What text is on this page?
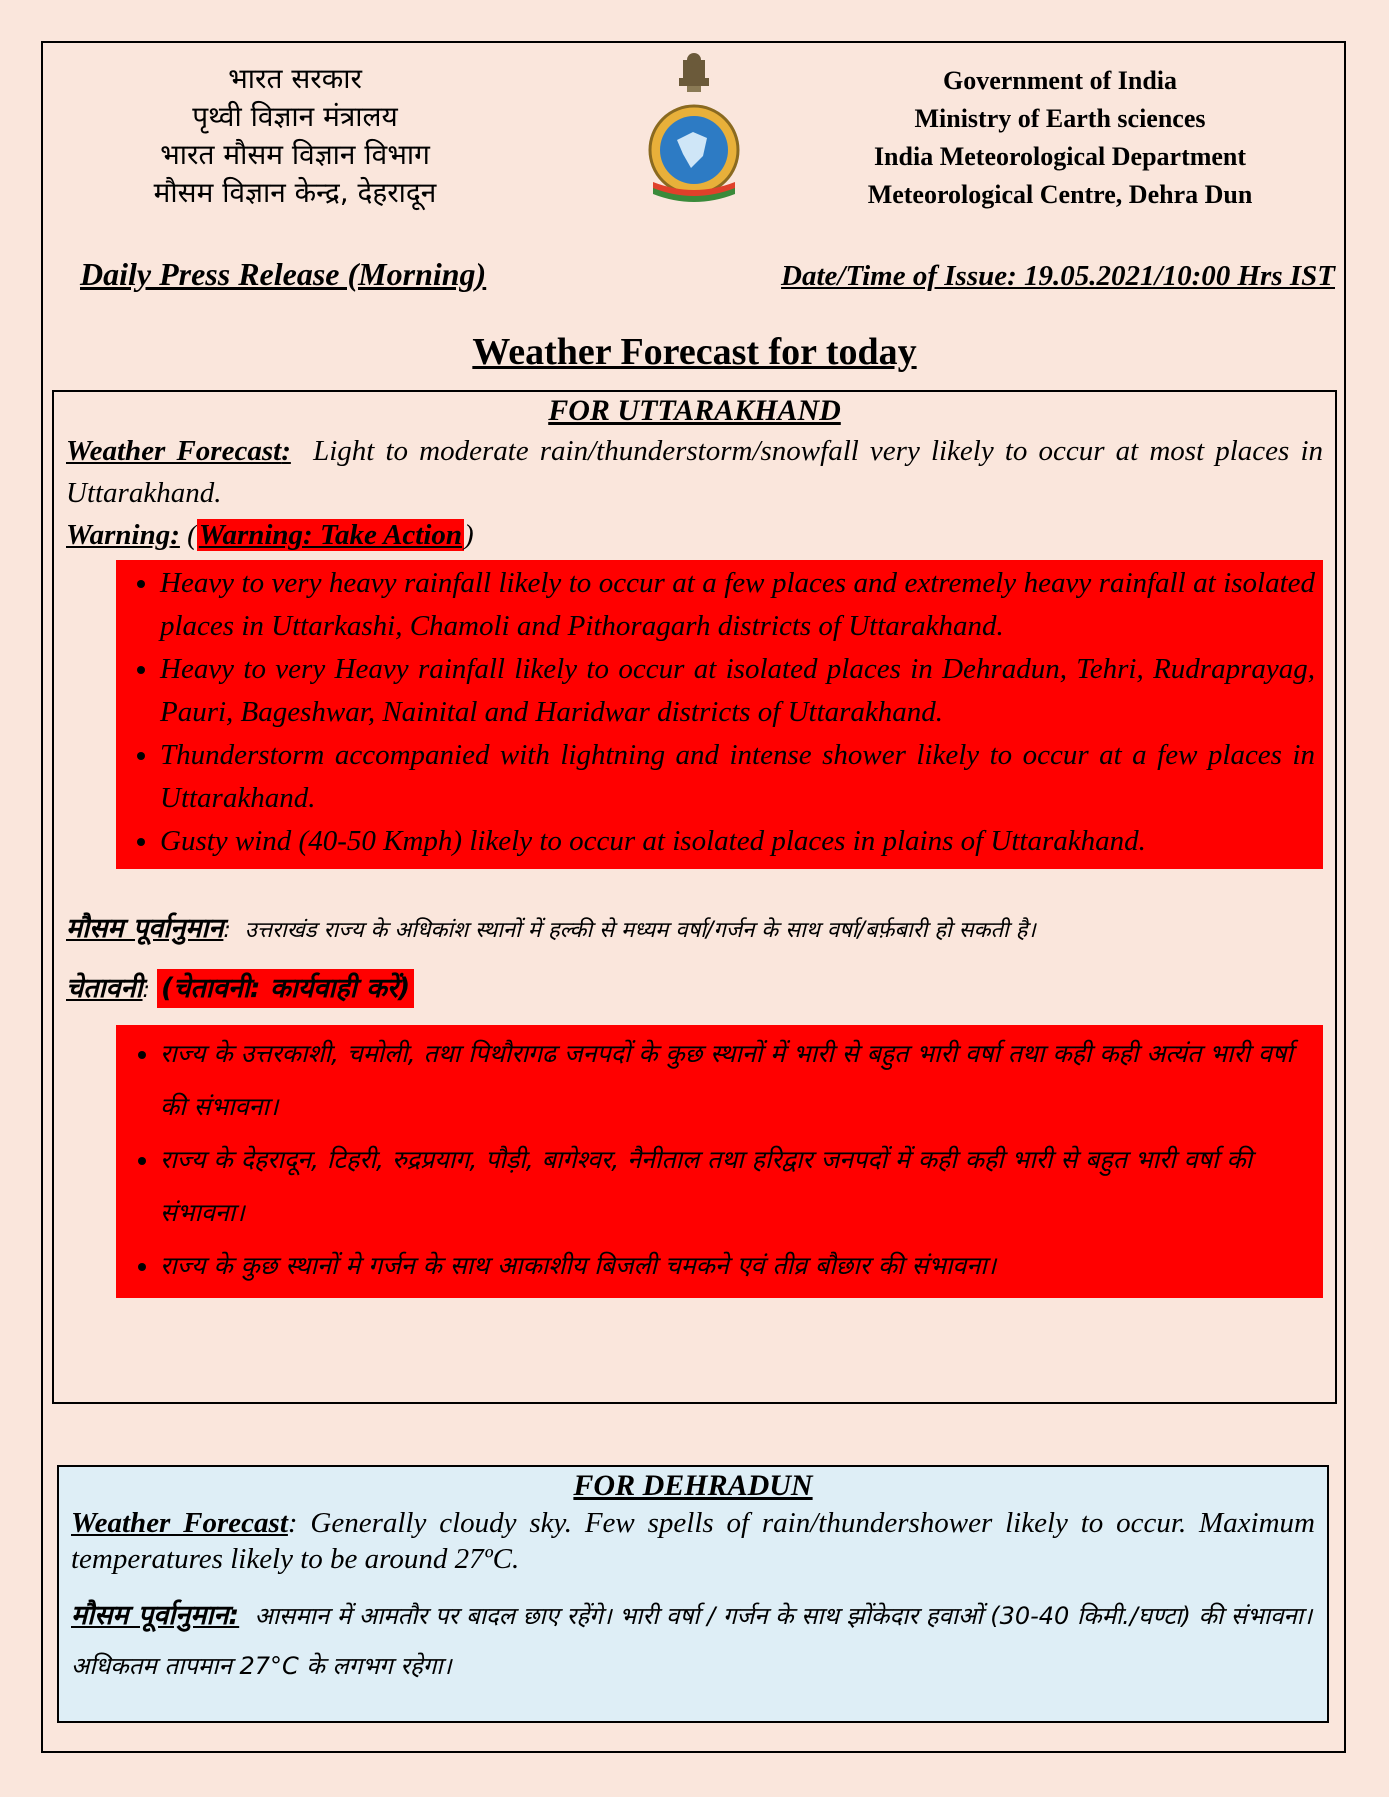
भारत सरकार
पृथ्वी विज्ञान मंत्रालय
भारत मौसम विज्ञान विभाग
मौसम विज्ञान केन्द्र, देहरादून
Government of India
Ministry of Earth sciences
India Meteorological Department
Meteorological Centre, Dehra Dun
Daily Press Release (Morning)	Date/Time of Issue: 19.05.2021/10:00 Hrs IST
Weather Forecast for today
FOR UTTARAKHAND

Weather Forecast: Light to moderate rain/thunderstorm/snowfall very likely to occur at most places in Uttarakhand.

Warning: (Warning: Take Action)

• Heavy to very heavy rainfall likely to occur at a few places and extremely heavy rainfall at isolated places in Uttarkashi, Chamoli and Pithoragarh districts of Uttarakhand.
• Heavy to very Heavy rainfall likely to occur at isolated places in Dehradun, Tehri, Rudraprayag, Pauri, Bageshwar, Nainital and Haridwar districts of Uttarakhand.
• Thunderstorm accompanied with lightning and intense shower likely to occur at a few places in Uttarakhand.
• Gusty wind (40-50 Kmph) likely to occur at isolated places in plains of Uttarakhand.

मौसम पूर्वानुमान:  उत्तराखंड राज्य के अधिकांश स्थानों में हल्की से मध्यम वर्षा/गर्जन के साथ वर्षा/बर्फ़बारी हो सकती है।

चेतावनी: (चेतावनी: कार्यवाही करें)

• राज्य के उत्तरकाशी, चमोली, तथा पिथौरागढ जनपदों के कुछ स्थानों में भारी से बहुत भारी वर्षा तथा कही कही अत्यंत भारी वर्षा की संभावना।
• राज्य के देहरादून, टिहरी, रुद्रप्रयाग, पौड़ी, बागेश्वर, नैनीताल तथा हरिद्वार जनपदों में कही कही भारी से बहुत भारी वर्षा की संभावना।
• राज्य के कुछ स्थानों मे गर्जन के साथ आकाशीय बिजली चमकने एवं तीव्र बौछार की संभावना।
FOR DEHRADUN

Weather Forecast: Generally cloudy sky. Few spells of rain/thundershower likely to occur. Maximum temperatures likely to be around 27ºC.

मौसम पूर्वानुमान: आसमान में आमतौर पर बादल छाए रहेंगे। भारी वर्षा / गर्जन के साथ झोंकेदार हवाओं (30-40 किमी./घण्टा) की संभावना। अधिकतम तापमान 27°C के लगभग रहेगा।
